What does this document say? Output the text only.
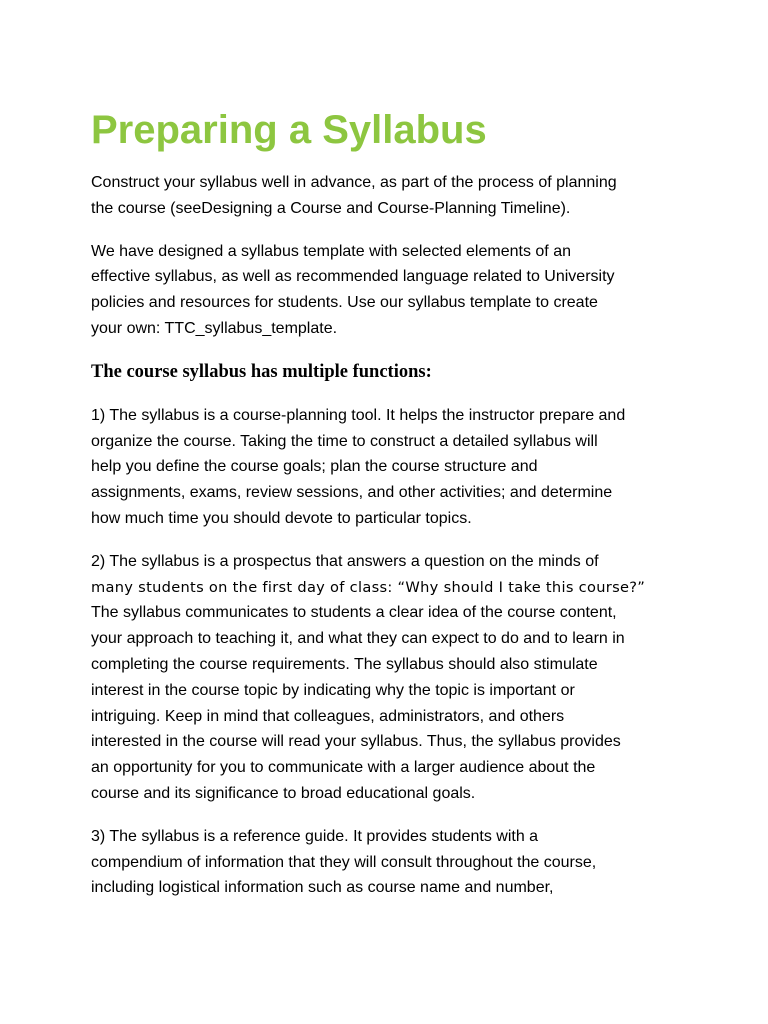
Preparing a Syllabus

Construct your syllabus well in advance, as part of the process of planning
the course (seeDesigning a Course and Course-Planning Timeline).

We have designed a syllabus template with selected elements of an
effective syllabus, as well as recommended language related to University
policies and resources for students. Use our syllabus template to create
your own: TTC_syllabus_template.

The course syllabus has multiple functions:

1) The syllabus is a course-planning tool. It helps the instructor prepare and
organize the course. Taking the time to construct a detailed syllabus will
help you define the course goals; plan the course structure and
assignments, exams, review sessions, and other activities; and determine
how much time you should devote to particular topics.

2) The syllabus is a prospectus that answers a question on the minds of
many students on the first day of class: “Why should I take this course?”
The syllabus communicates to students a clear idea of the course content,
your approach to teaching it, and what they can expect to do and to learn in
completing the course requirements. The syllabus should also stimulate
interest in the course topic by indicating why the topic is important or
intriguing. Keep in mind that colleagues, administrators, and others
interested in the course will read your syllabus. Thus, the syllabus provides
an opportunity for you to communicate with a larger audience about the
course and its significance to broad educational goals.

3) The syllabus is a reference guide. It provides students with a
compendium of information that they will consult throughout the course,
including logistical information such as course name and number,
